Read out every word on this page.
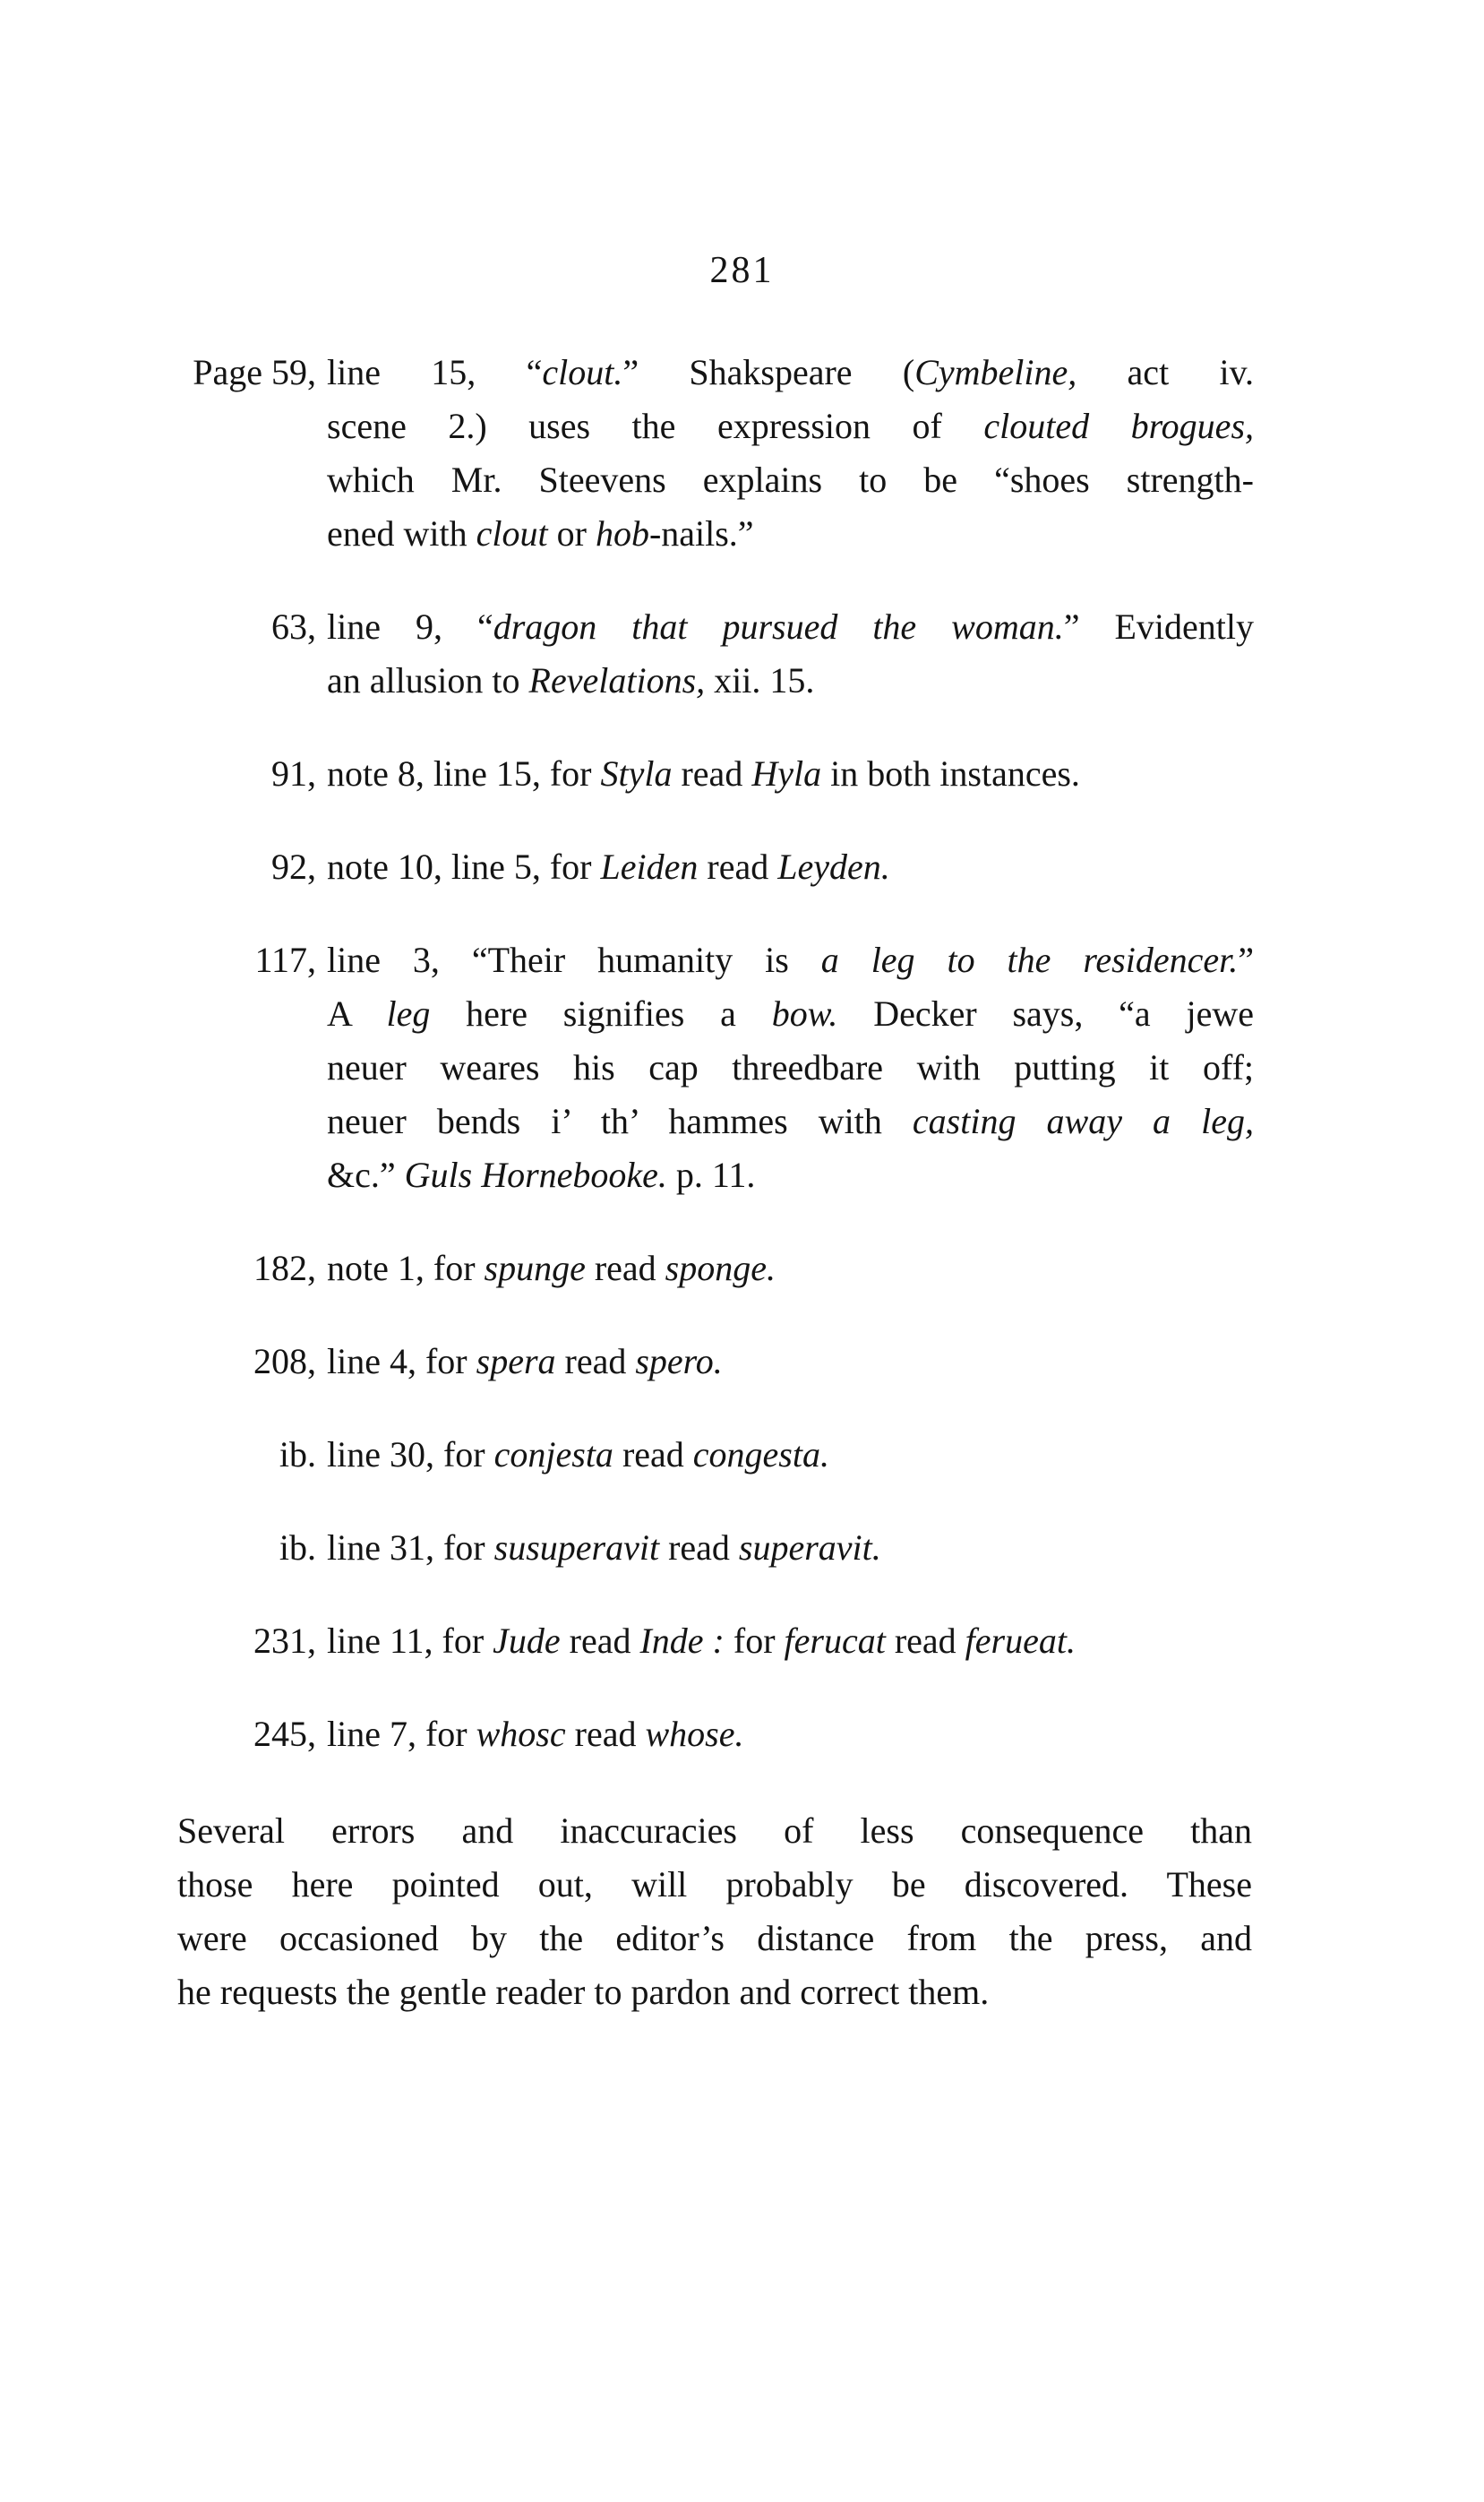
281
Page 59, line 15, “clout.” Shakspeare (Cymbeline, act iv.
scene 2.) uses the expression of clouted brogues,
which Mr. Steevens explains to be “shoes strength-
ened with clout or hob-nails.”
63, line 9, “dragon that pursued the woman.” Evidently
an allusion to Revelations, xii. 15.
91, note 8, line 15, for Styla read Hyla in both instances.
92, note 10, line 5, for Leiden read Leyden.
117, line 3, “Their humanity is a leg to the residencer.”
A leg here signifies a bow. Decker says, “a jewe
neuer weares his cap threedbare with putting it off;
neuer bends i’ th’ hammes with casting away a leg,
&c.” Guls Hornebooke. p. 11.
182, note 1, for spunge read sponge.
208, line 4, for spera read spero.
ib. line 30, for conjesta read congesta.
ib. line 31, for susuperavit read superavit.
231, line 11, for Jude read Inde : for ferucat read ferueat.
245, line 7, for whosc read whose.
Several errors and inaccuracies of less consequence than
those here pointed out, will probably be discovered. These
were occasioned by the editor’s distance from the press, and
he requests the gentle reader to pardon and correct them.
